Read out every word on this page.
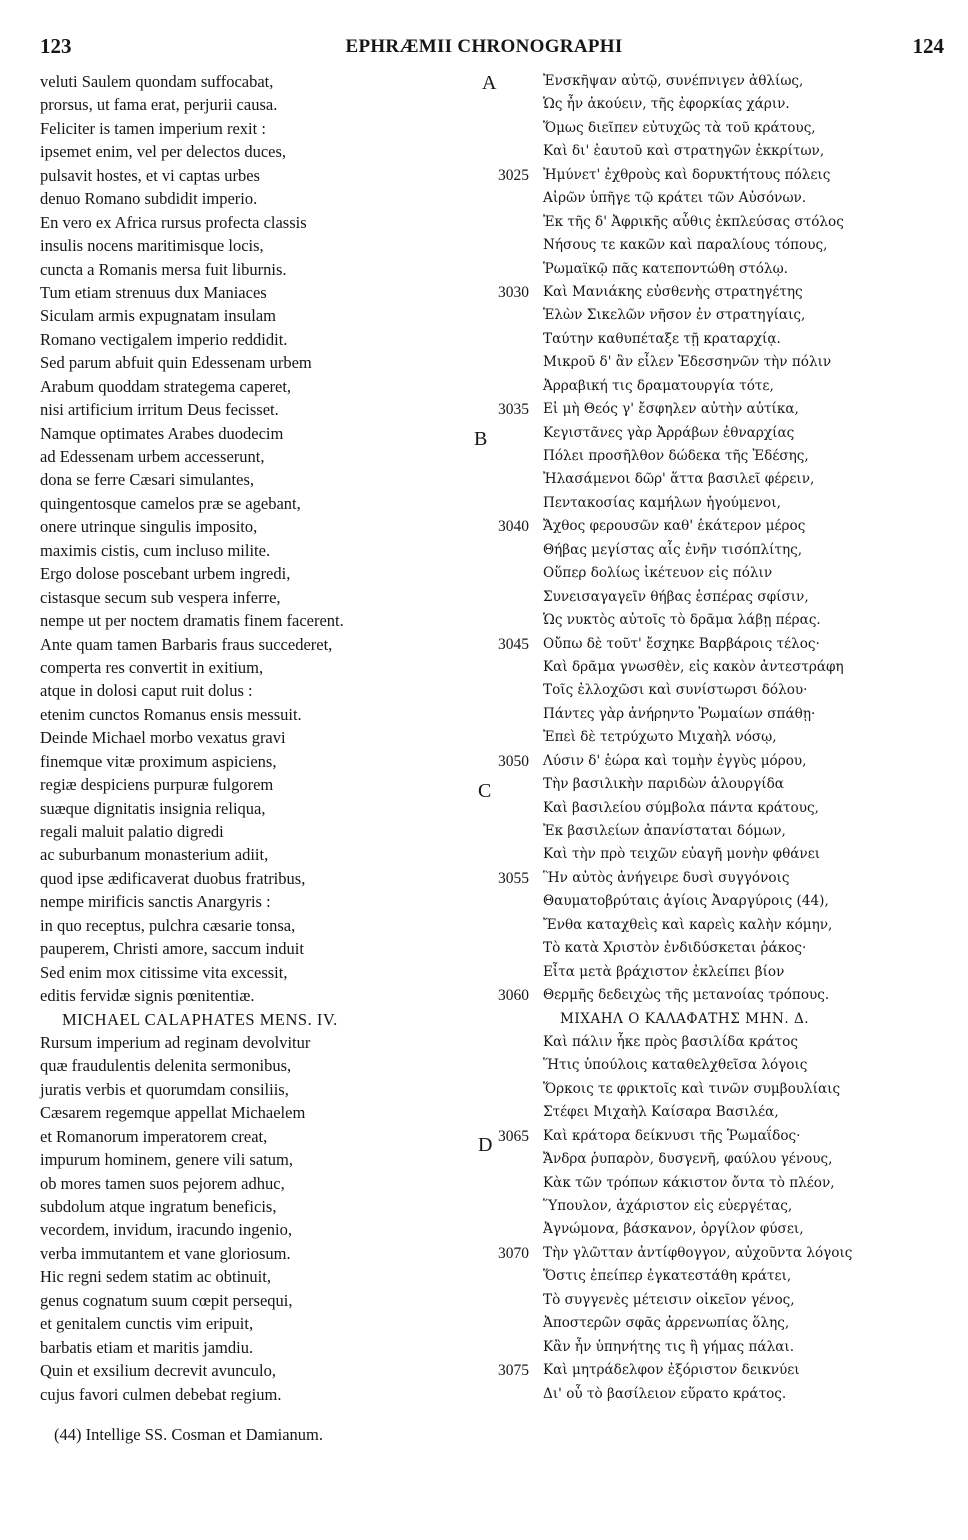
123	EPHRÆMII CHRONOGRAPHI	124
veluti Saulem quondam suffocabat,
prorsus, ut fama erat, perjurii causa.
Feliciter is tamen imperium rexit :
ipsemet enim, vel per delectos duces,
pulsavit hostes, et vi captas urbes
denuo Romano subdidit imperio.
En vero ex Africa rursus profecta classis
insulis nocens maritimisque locis,
cuncta a Romanis mersa fuit liburnis.
Tum etiam strenuus dux Maniaces
Siculam armis expugnatam insulam
Romano vectigalem imperio reddidit.
Sed parum abfuit quin Edessenam urbem
Arabum quoddam strategema caperet,
nisi artificium irritum Deus fecisset.
Namque optimates Arabes duodecim
ad Edessenam urbem accesserunt,
dona se ferre Cæsari simulantes,
quingentosque camelos præ se agebant,
onere utrinque singulis imposito,
maximis cistis, cum incluso milite.
Ergo dolose poscebant urbem ingredi,
cistasque secum sub vespera inferre,
nempe ut per noctem dramatis finem facerent.
Ante quam tamen Barbaris fraus succederet,
comperta res convertit in exitium,
atque in dolosi caput ruit dolus :
etenim cunctos Romanus ensis messuit.
Deinde Michael morbo vexatus gravi
finemque vitæ proximum aspiciens,
regiæ despiciens purpuræ fulgorem
suæque dignitatis insignia reliqua,
regali maluit palatio digredi
ac suburbanum monasterium adiit,
quod ipse ædificaverat duobus fratribus,
nempe mirificis sanctis Anargyris :
in quo receptus, pulchra cæsarie tonsa,
pauperem, Christi amore, saccum induit
Sed enim mox citissime vita excessit,
editis fervidæ signis pœnitentiæ.
MICHAEL CALAPHATES MENS. IV.
Rursum imperium ad reginam devolvitur
quæ fraudulentis delenita sermonibus,
juratis verbis et quorumdam consiliis,
Cæsarem regemque appellat Michaelem
et Romanorum imperatorem creat,
impurum hominem, genere vili satum,
ob mores tamen suos pejorem adhuc,
subdolum atque ingratum beneficis,
vecordem, invidum, iracundo ingenio,
verba immutantem et vane gloriosum.
Hic regni sedem statim ac obtinuit,
genus cognatum suum cœpit persequi,
et genitalem cunctis vim eripuit,
barbatis etiam et maritis jamdiu.
Quin et exsilium decrevit avunculo,
cujus favori culmen debebat regium.
Ἐνσκῆψαν αὐτῷ, συνέπνιγεν ἀθλίως,
Ὡς ἦν ἀκούειν, τῆς ἐφορκίας χάριν.
Ὅμως διεῖπεν εὐτυχῶς τὰ τοῦ κράτους,
Καὶ δι' ἑαυτοῦ καὶ στρατηγῶν ἐκκρίτων,
3025	Ἠμύνετ' ἐχθροὺς καὶ δορυκτήτους πόλεις
Αἰρῶν ὑπῆγε τῷ κράτει τῶν Αὐσόνων.
Ἐκ τῆς δ' Ἀφρικῆς αὖθις ἐκπλεύσας στόλος
Νήσους τε κακῶν καὶ παραλίους τόπους,
Ῥωμαϊκῷ πᾶς κατεποντώθη στόλῳ.
3030	Καὶ Μανιάκης εὐσθενὴς στρατηγέτης
Ἑλὼν Σικελῶν νῆσον ἐν στρατηγίαις,
Ταύτην καθυπέταξε τῇ κραταρχίᾳ.
Μικροῦ δ' ἂν εἶλεν Ἐδεσσηνῶν τὴν πόλιν
Ἀρραβική τις δραματουργία τότε,
3035	Εἰ μὴ Θεός γ' ἔσφηλεν αὐτὴν αὐτίκα,
Κεγιστᾶνες γὰρ Ἀρράβων ἐθναρχίας
Πόλει προσῆλθον δώδεκα τῆς Ἐδέσης,
Ἠλασάμενοι δῶρ' ἅττα βασιλεῖ φέρειν,
Πεντακοσίας καμήλων ἡγούμενοι,
3040	Ἄχθος φερουσῶν καθ' ἑκάτερον μέρος
Θήβας μεγίστας αἷς ἐνῆν τισόπλίτης,
Οὕπερ δολίως ἱκέτευον εἰς πόλιν
Συνεισαγαγεῖν θήβας ἑσπέρας σφίσιν,
Ὡς νυκτὸς αὐτοῖς τὸ δρᾶμα λάβῃ πέρας.
3045	Οὔπω δὲ τοῦτ' ἔσχηκε Βαρβάροις τέλος·
Καὶ δρᾶμα γνωσθὲν, εἰς κακὸν ἀντεστράφη
Τοῖς ἐλλοχῶσι καὶ συνίστωρσι δόλου·
Πάντες γὰρ ἀνήρηντο Ῥωμαίων σπάθῃ·
Ἐπεὶ δὲ τετρύχωτο Μιχαὴλ νόσῳ,
3050	Λύσιν δ' ἑώρα καὶ τομὴν ἐγγὺς μόρου,
Τὴν βασιλικὴν παριδὼν ἁλουργίδα
Καὶ βασιλείου σύμβολα πάντα κράτους,
Ἐκ βασιλείων ἀπανίσταται δόμων,
Καὶ τὴν πρὸ τειχῶν εὐαγῆ μονὴν φθάνει
3055	Ἣν αὐτὸς ἀνήγειρε δυσὶ συγγόνοις
Θαυματοβρύταις ἁγίοις Ἀναργύροις (44),
Ἔνθα καταχθεὶς καὶ καρεὶς καλὴν κόμην,
Τὸ κατὰ Χριστὸν ἐνδιδύσκεται ῥάκος·
Εἶτα μετὰ βράχιστον ἐκλείπει βίον
3060	Θερμῆς δεδειχὼς τῆς μετανοίας τρόπους.
ΜΙΧΑΗΛ Ο ΚΑΛΑΦΑΤΗΣ ΜΗΝ. Δ.
Καὶ πάλιν ἧκε πρὸς βασιλίδα κράτος
Ἥτις ὑπούλοις καταθελχθεῖσα λόγοις
Ὅρκοις τε φρικτοῖς καὶ τινῶν συμβουλίαις
Στέφει Μιχαὴλ Καίσαρα Βασιλέα,
3065	Καὶ κράτορα δείκνυσι τῆς Ῥωμαΐδος·
Ἄνδρα ῥυπαρὸν, δυσγενῆ, φαύλου γένους,
Κὰκ τῶν τρόπων κάκιστον ὄντα τὸ πλέον,
Ὕπουλον, ἀχάριστον εἰς εὐεργέτας,
Ἀγνώμονα, βάσκανον, ὀργίλον φύσει,
3070	Τὴν γλῶτταν ἀντίφθογγον, αὐχοῦντα λόγοις
Ὅστις ἐπείπερ ἐγκατεστάθη κράτει,
Τὸ συγγενὲς μέτεισιν οἰκεῖον γένος,
Ἀποστερῶν σφᾶς ἀρρενωπίας ὅλης,
Κἂν ἦν ὑπηνήτης τις ἢ γήμας πάλαι.
3075	Καὶ μητράδελφον ἐξόριστον δεικνύει
Δι' οὗ τὸ βασίλειον εὕρατο κράτος.
A
B
C
D
(44) Intellige SS. Cosman et Damianum.
